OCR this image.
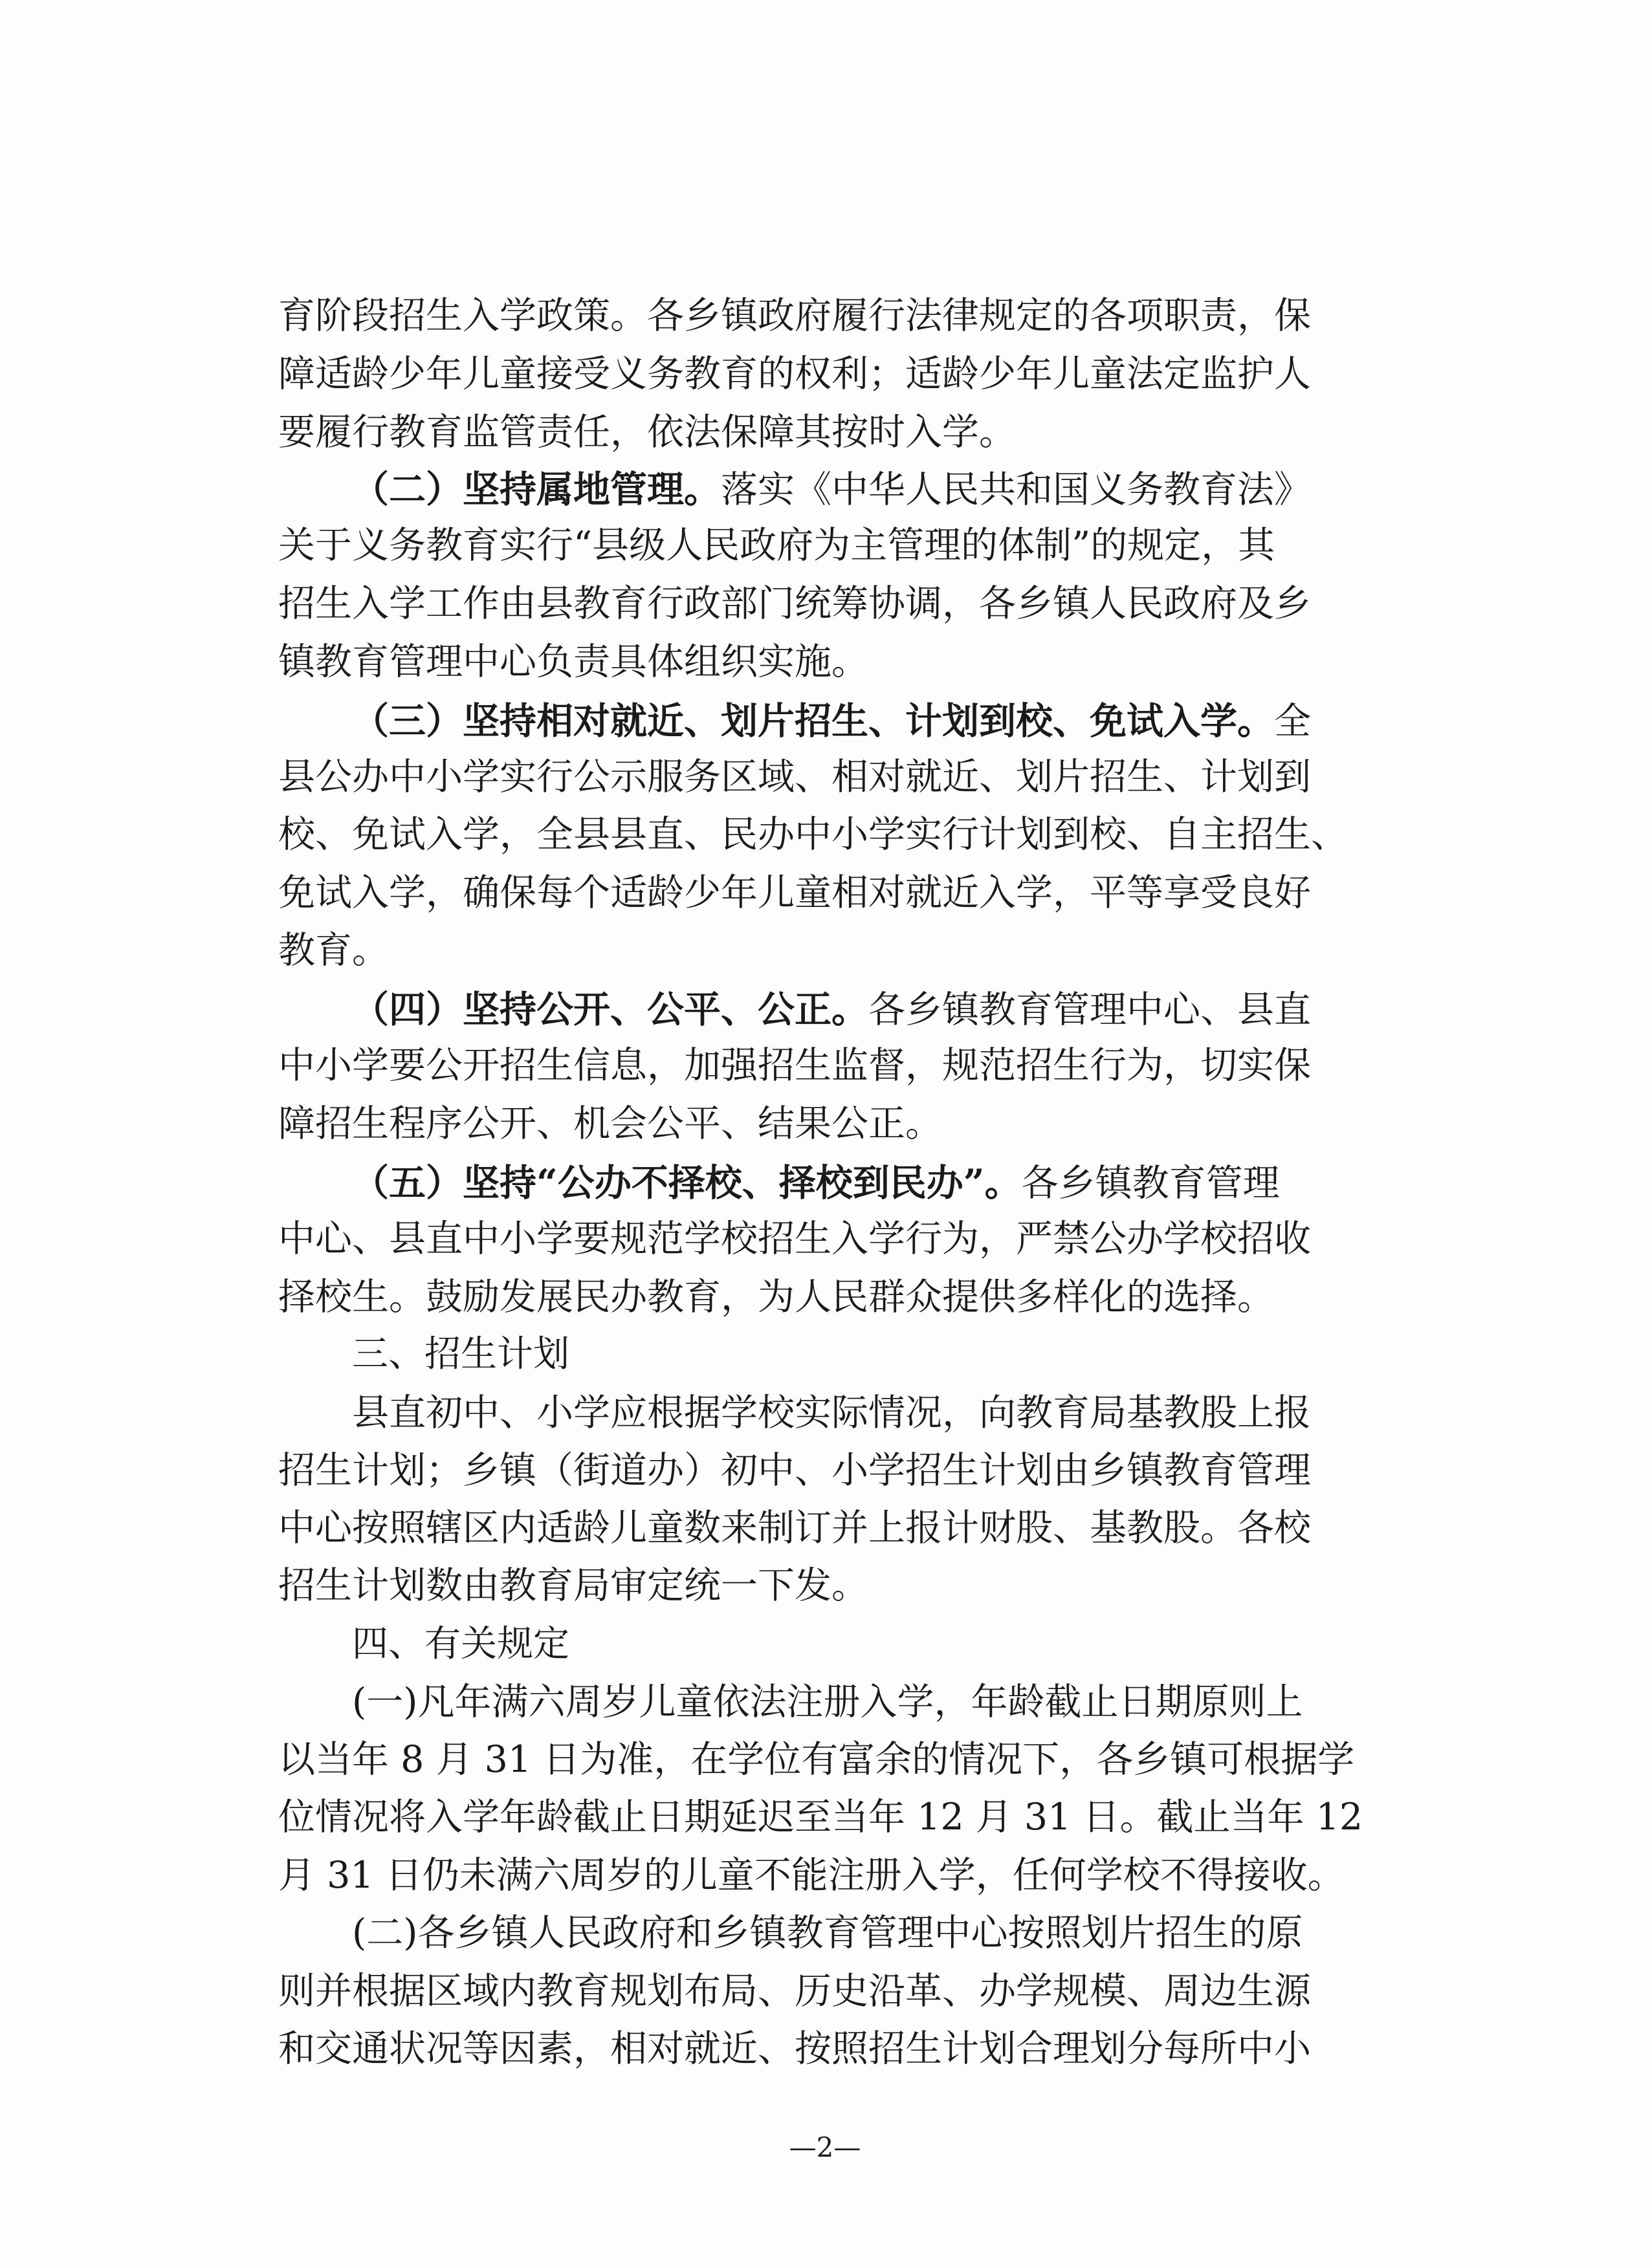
育阶段招生入学政策。各乡镇政府履行法律规定的各项职责，保
障适龄少年儿童接受义务教育的权利；适龄少年儿童法定监护人
要履行教育监管责任，依法保障其按时入学。
（二）坚持属地管理。落实《中华人民共和国义务教育法》
关于义务教育实行“县级人民政府为主管理的体制”的规定，其
招生入学工作由县教育行政部门统筹协调，各乡镇人民政府及乡
镇教育管理中心负责具体组织实施。
（三）坚持相对就近、划片招生、计划到校、免试入学。全
县公办中小学实行公示服务区域、相对就近、划片招生、计划到
校、免试入学，全县县直、民办中小学实行计划到校、自主招生、
免试入学，确保每个适龄少年儿童相对就近入学，平等享受良好
教育。
（四）坚持公开、公平、公正。各乡镇教育管理中心、县直
中小学要公开招生信息，加强招生监督，规范招生行为，切实保
障招生程序公开、机会公平、结果公正。
（五）坚持“公办不择校、择校到民办”。各乡镇教育管理
中心、县直中小学要规范学校招生入学行为，严禁公办学校招收
择校生。鼓励发展民办教育，为人民群众提供多样化的选择。
三、招生计划
县直初中、小学应根据学校实际情况，向教育局基教股上报
招生计划；乡镇（街道办）初中、小学招生计划由乡镇教育管理
中心按照辖区内适龄儿童数来制订并上报计财股、基教股。各校
招生计划数由教育局审定统一下发。
四、有关规定
(一)凡年满六周岁儿童依法注册入学，年龄截止日期原则上
以当年 8 月 31 日为准，在学位有富余的情况下，各乡镇可根据学
位情况将入学年龄截止日期延迟至当年 12 月 31 日。截止当年 12
月 31 日仍未满六周岁的儿童不能注册入学，任何学校不得接收。
(二)各乡镇人民政府和乡镇教育管理中心按照划片招生的原
则并根据区域内教育规划布局、历史沿革、办学规模、周边生源
和交通状况等因素，相对就近、按照招生计划合理划分每所中小
—2—
